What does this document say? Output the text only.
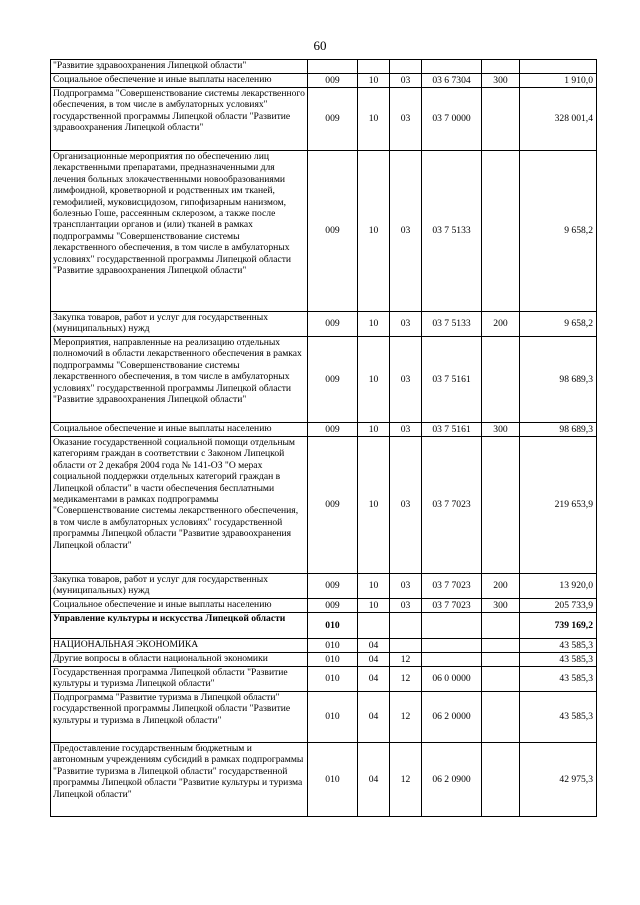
60
"Развитие здравоохранения Липецкой области"						
Социальное обеспечение и иные выплаты населению	009	10	03	03 6 7304	300	1 910,0
Подпрограмма "Совершенствование системы лекарственного обеспечения, в том числе в амбулаторных условиях" государственной программы Липецкой области "Развитие здравоохранения Липецкой области"	009	10	03	03 7 0000		328 001,4
Организационные мероприятия по обеспечению лиц лекарственными препаратами, предназначенными для лечения больных злокачественными новообразованиями лимфоидной, кроветворной и родственных им тканей, гемофилией, муковисцидозом, гипофизарным нанизмом, болезнью Гоше, рассеянным склерозом, а также после трансплантации органов и (или) тканей в рамках подпрограммы "Совершенствование системы лекарственного обеспечения, в том числе в амбулаторных условиях" государственной программы Липецкой области "Развитие здравоохранения Липецкой области"	009	10	03	03 7 5133		9 658,2
Закупка товаров, работ и услуг для государственных (муниципальных) нужд	009	10	03	03 7 5133	200	9 658,2
Мероприятия, направленные на реализацию отдельных полномочий в области лекарственного обеспечения в рамках подпрограммы "Совершенствование системы лекарственного обеспечения, в том числе в амбулаторных условиях" государственной программы Липецкой области "Развитие здравоохранения Липецкой области"	009	10	03	03 7 5161		98 689,3
Социальное обеспечение и иные выплаты населению	009	10	03	03 7 5161	300	98 689,3
Оказание государственной социальной помощи отдельным категориям граждан в соответствии с Законом Липецкой области от 2 декабря 2004 года № 141-ОЗ "О мерах социальной поддержки отдельных категорий граждан в Липецкой области" в части обеспечения бесплатными медикаментами в рамках подпрограммы "Совершенствование системы лекарственного обеспечения, в том числе в амбулаторных условиях" государственной программы Липецкой области "Развитие здравоохранения Липецкой области"	009	10	03	03 7 7023		219 653,9
Закупка товаров, работ и услуг для государственных (муниципальных) нужд	009	10	03	03 7 7023	200	13 920,0
Социальное обеспечение и иные выплаты населению	009	10	03	03 7 7023	300	205 733,9
Управление культуры и искусства Липецкой области	010					739 169,2
НАЦИОНАЛЬНАЯ ЭКОНОМИКА	010	04				43 585,3
Другие вопросы в области национальной экономики	010	04	12			43 585,3
Государственная программа Липецкой области "Развитие культуры и туризма Липецкой области"	010	04	12	06 0 0000		43 585,3
Подпрограмма "Развитие туризма в Липецкой области" государственной программы Липецкой области "Развитие культуры и туризма в Липецкой области"	010	04	12	06 2 0000		43 585,3
Предоставление государственным бюджетным и автономным учреждениям субсидий в рамках подпрограммы "Развитие туризма в Липецкой области" государственной программы Липецкой области "Развитие культуры и туризма Липецкой области"	010	04	12	06 2 0900		42 975,3
